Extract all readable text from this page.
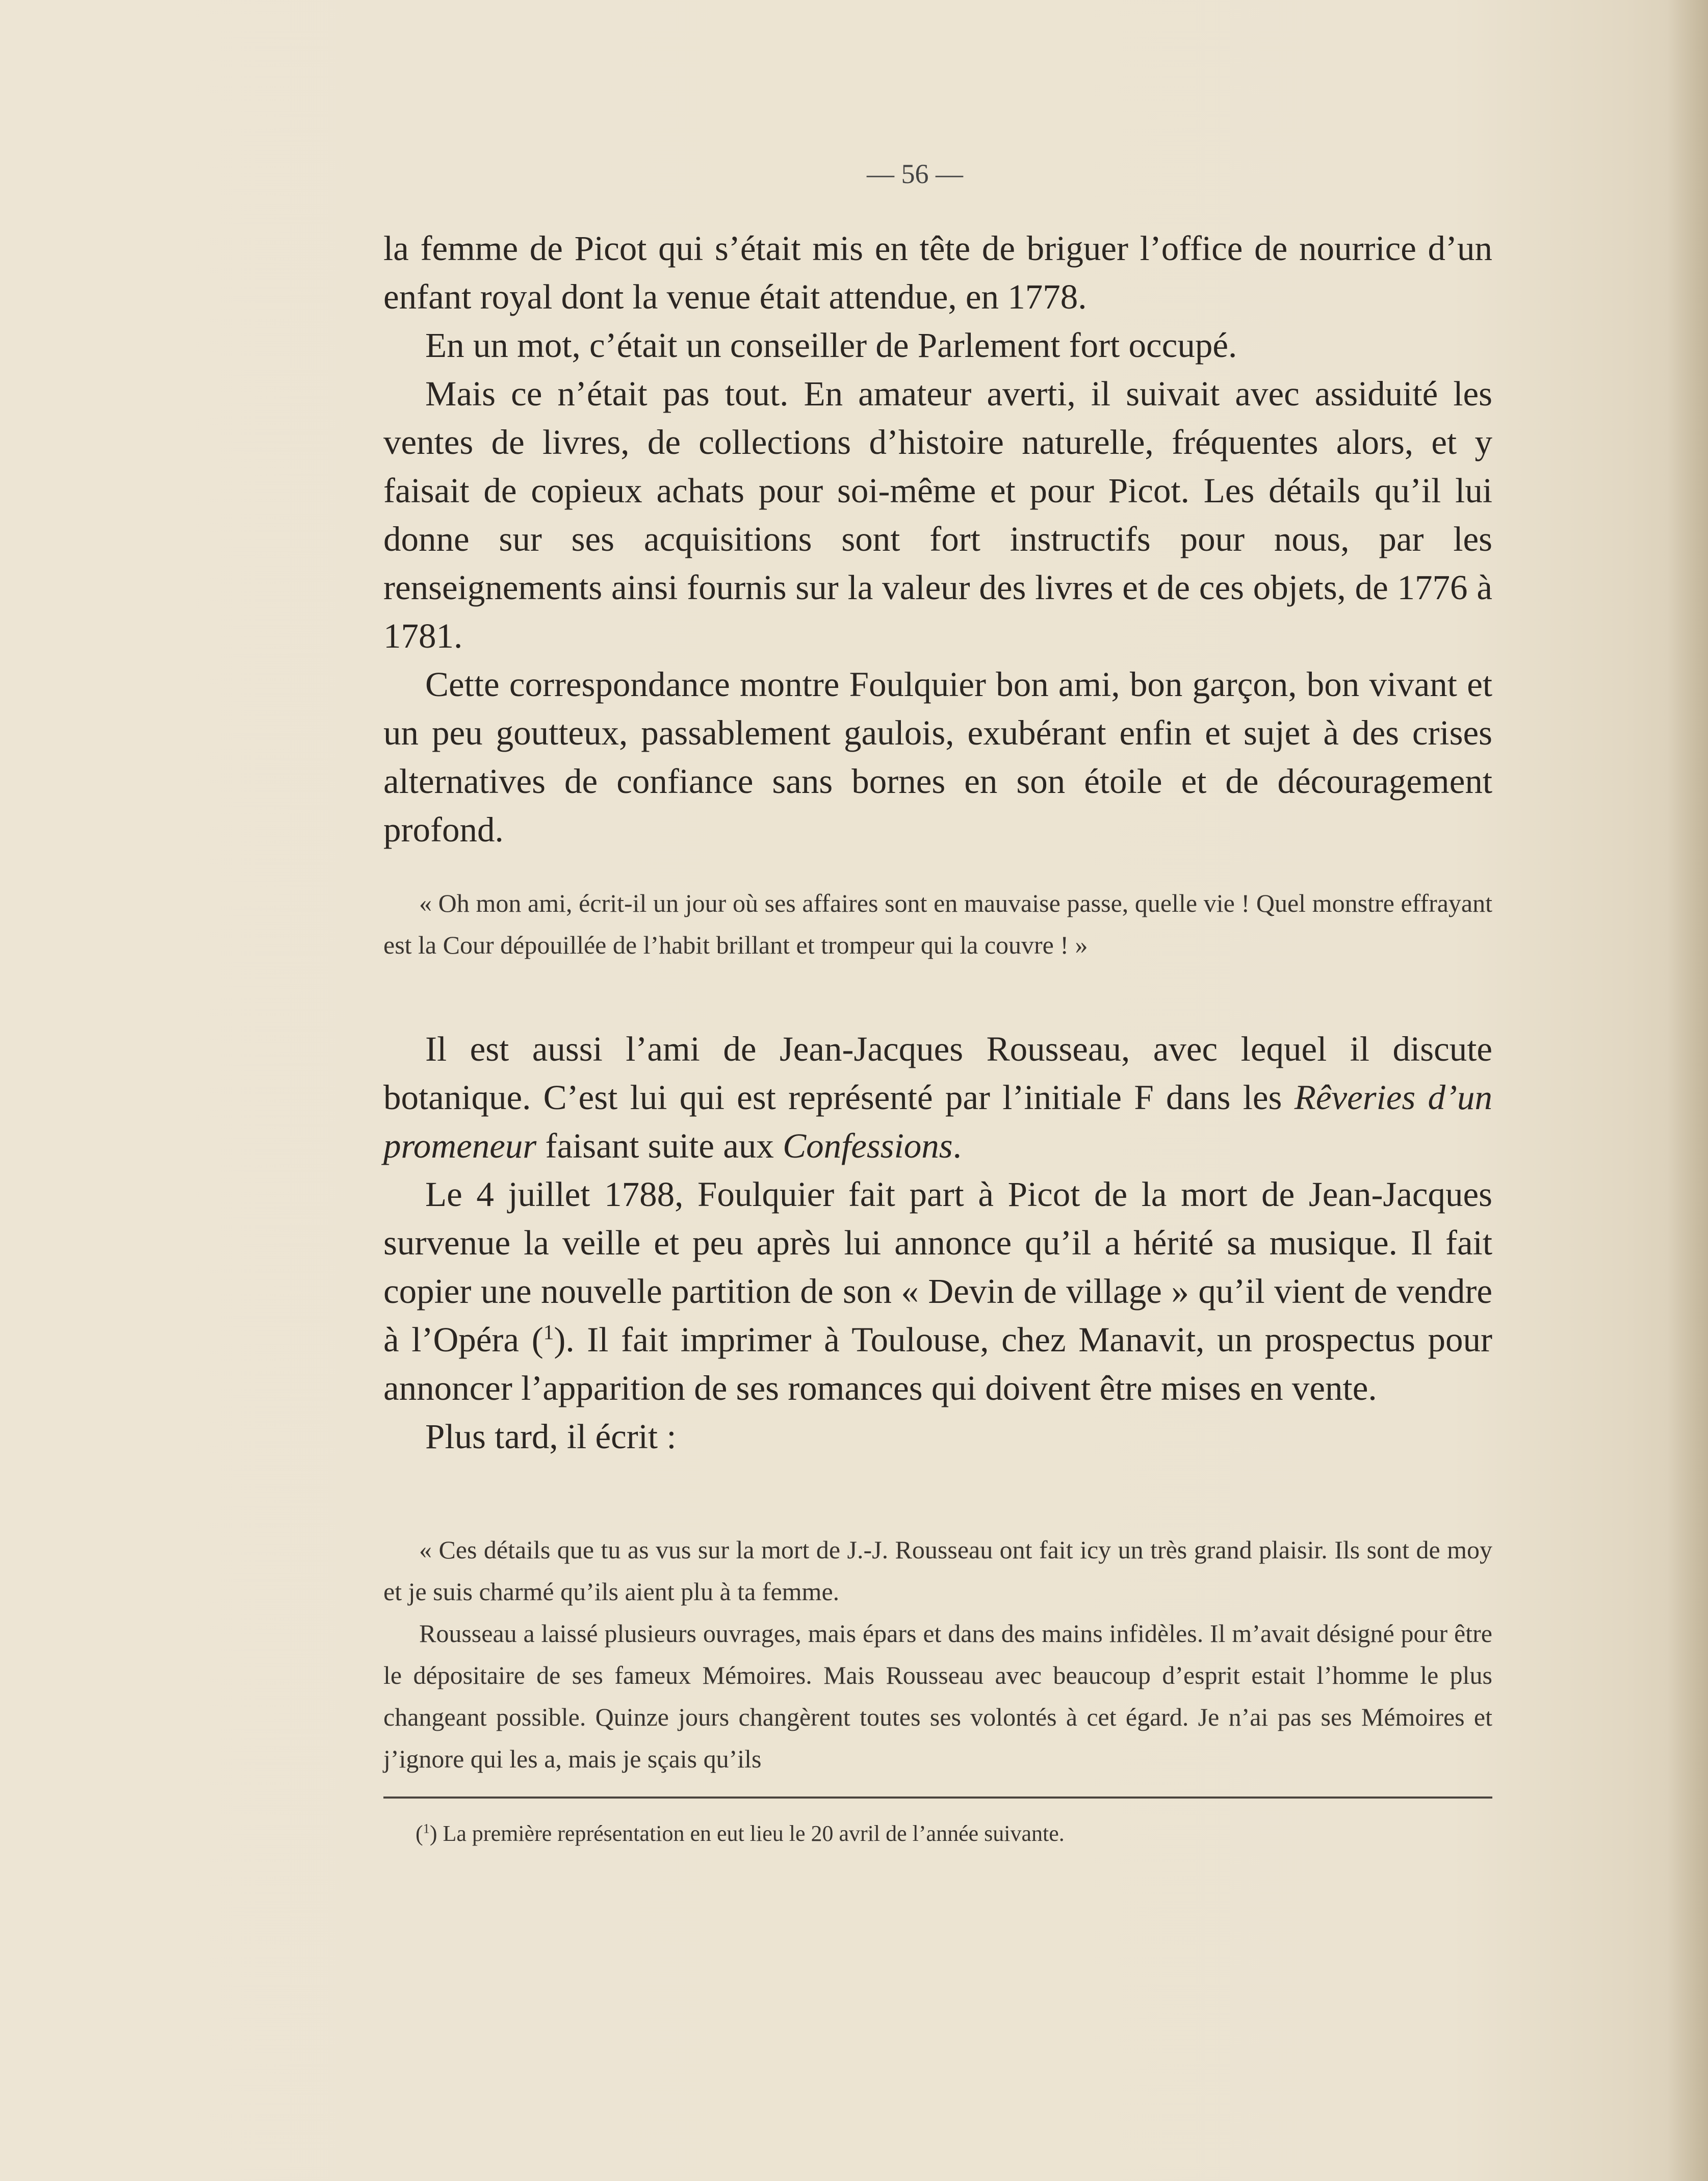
— 56 —

la femme de Picot qui s’était mis en tête de briguer l’office de nourrice d’un enfant royal dont la venue était attendue, en 1778.

En un mot, c’était un conseiller de Parlement fort occupé.

Mais ce n’était pas tout. En amateur averti, il suivait avec assiduité les ventes de livres, de collections d’histoire naturelle, fréquentes alors, et y faisait de copieux achats pour soi-même et pour Picot. Les détails qu’il lui donne sur ses acquisitions sont fort instructifs pour nous, par les renseignements ainsi fournis sur la valeur des livres et de ces objets, de 1776 à 1781.

Cette correspondance montre Foulquier bon ami, bon garçon, bon vivant et un peu goutteux, passablement gaulois, exubérant enfin et sujet à des crises alternatives de confiance sans bornes en son étoile et de découragement profond.

« Oh mon ami, écrit-il un jour où ses affaires sont en mauvaise passe, quelle vie ! Quel monstre effrayant est la Cour dépouillée de l’habit brillant et trompeur qui la couvre ! »

Il est aussi l’ami de Jean-Jacques Rousseau, avec lequel il discute botanique. C’est lui qui est représenté par l’initiale F dans les Rêveries d’un promeneur faisant suite aux Confessions.

Le 4 juillet 1788, Foulquier fait part à Picot de la mort de Jean-Jacques survenue la veille et peu après lui annonce qu’il a hérité sa musique. Il fait copier une nouvelle partition de son « Devin de village » qu’il vient de vendre à l’Opéra ($^1$). Il fait imprimer à Toulouse, chez Manavit, un prospectus pour annoncer l’apparition de ses romances qui doivent être mises en vente.

Plus tard, il écrit :

« Ces détails que tu as vus sur la mort de J.-J. Rousseau ont fait icy un très grand plaisir. Ils sont de moy et je suis charmé qu’ils aient plu à ta femme.

Rousseau a laissé plusieurs ouvrages, mais épars et dans des mains infidèles. Il m’avait désigné pour être le dépositaire de ses fameux Mémoires. Mais Rousseau avec beaucoup d’esprit estait l’homme le plus changeant possible. Quinze jours changèrent toutes ses volontés à cet égard. Je n’ai pas ses Mémoires et j’ignore qui les a, mais je sçais qu’ils

($^1$) La première représentation en eut lieu le 20 avril de l’année suivante.
